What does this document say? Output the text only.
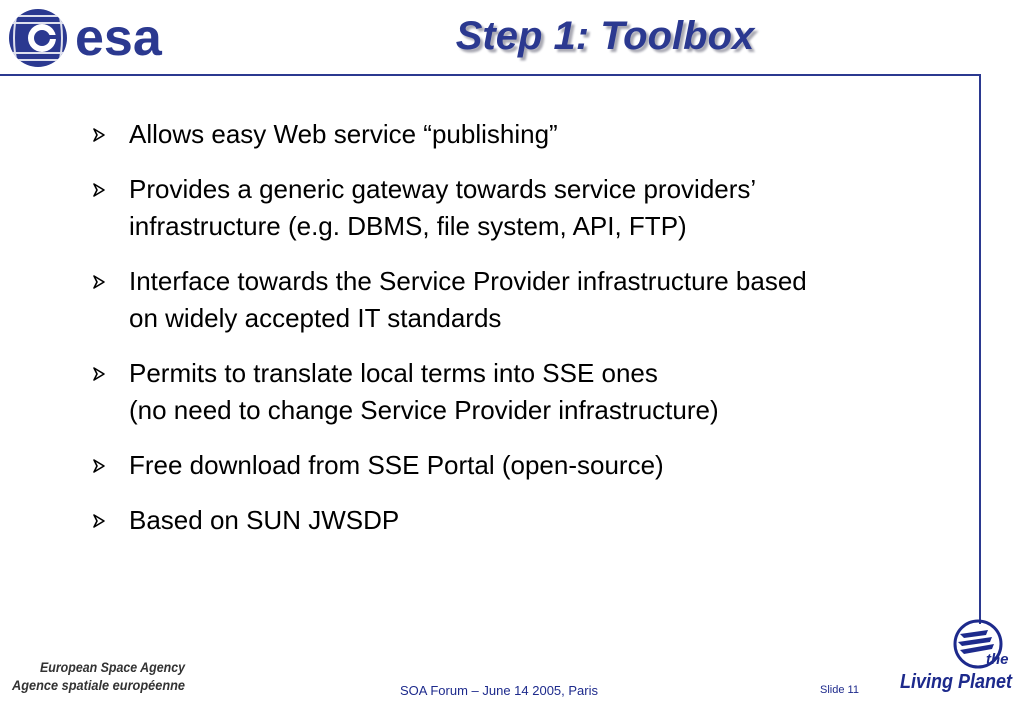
esa	Step 1: Toolbox
Allows easy Web service “publishing”
Provides a generic gateway towards service providers’
infrastructure (e.g. DBMS, file system, API, FTP)
Interface towards the Service Provider infrastructure based
on widely accepted IT standards
Permits to translate local terms into SSE ones
(no need to change Service Provider infrastructure)
Free download from SSE Portal (open-source)
Based on SUN JWSDP
European Space Agency
Agence spatiale européenne	SOA Forum – June 14 2005, Paris	Slide 11
the
Living Planet
